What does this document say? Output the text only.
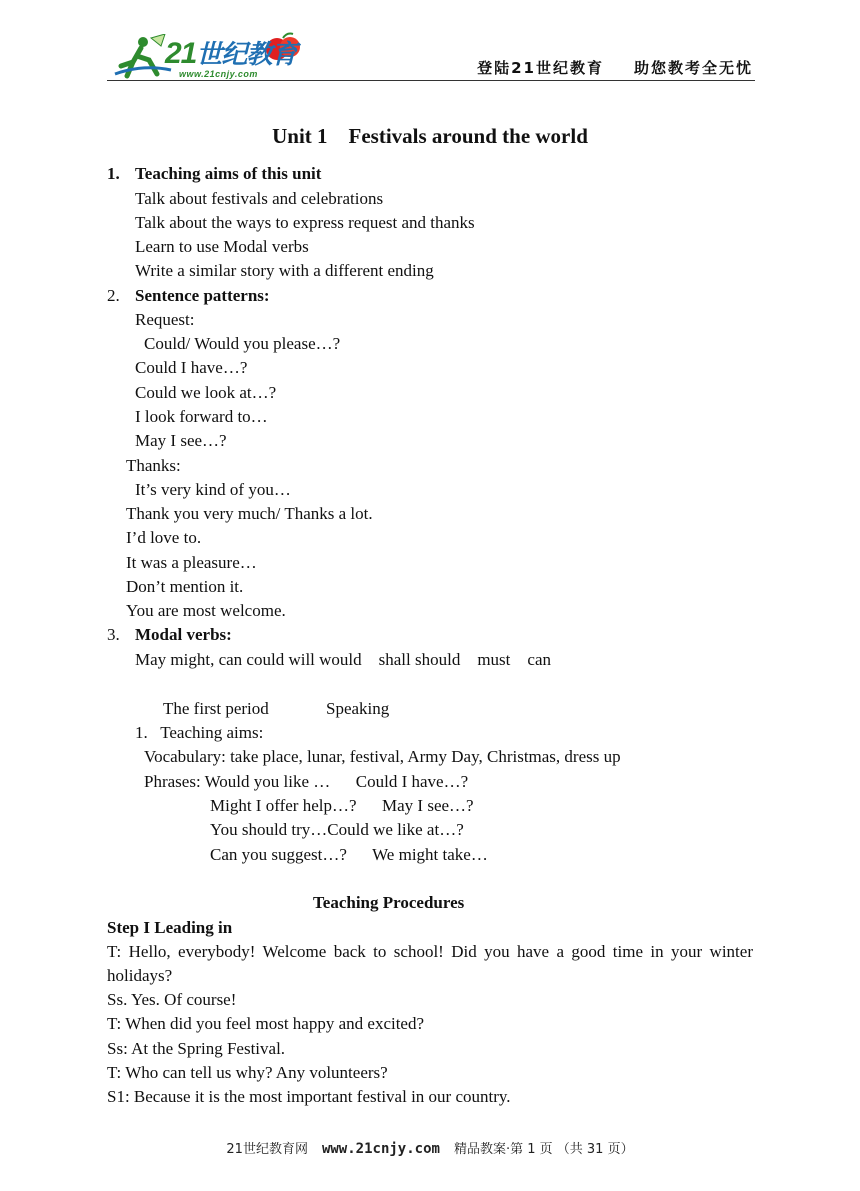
21世纪教育
www.21cnjy.com	登陆21世纪教育 助您教考全无忧
Unit 1    Festivals around the world
1. Teaching aims of this unit
Talk about festivals and celebrations
Talk about the ways to express request and thanks
Learn to use Modal verbs
Write a similar story with a different ending
2. Sentence patterns:
Request:
Could/ Would you please…?
Could I have…?
Could we look at…?
I look forward to…
May I see…?
Thanks:
It’s very kind of you…
Thank you very much/ Thanks a lot.
I’d love to.
It was a pleasure…
Don’t mention it.
You are most welcome.
3. Modal verbs:
May might, can could will would    shall should    must    can
The first period	Speaking
1.   Teaching aims:
Vocabulary: take place, lunar, festival, Army Day, Christmas, dress up
Phrases: Would you like …      Could I have…?
Might I offer help…?      May I see…?
You should try…Could we like at…?
Can you suggest…?      We might take…
Teaching Procedures
Step I Leading in
T: Hello, everybody! Welcome back to school! Did you have a good time in your winter holidays?
Ss. Yes. Of course!
T: When did you feel most happy and excited?
Ss: At the Spring Festival.
T: Who can tell us why? Any volunteers?
S1: Because it is the most important festival in our country.
21世纪教育网 www.21cnjy.com 精品教案·第 1 页 （共 31 页）
